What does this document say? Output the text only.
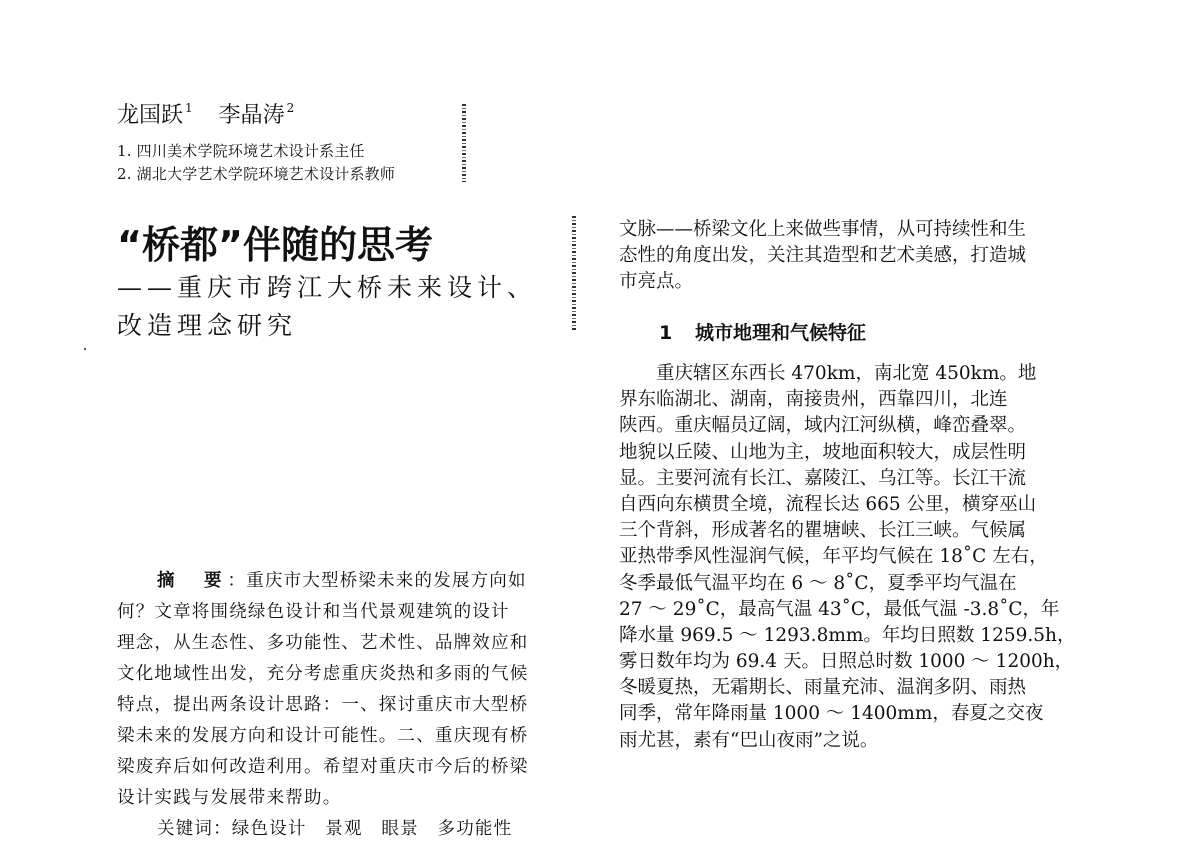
龙国跃 $^1$ 李晶涛 $^2$
1. 四川美术学院环境艺术设计系主任
2. 湖北大学艺术学院环境艺术设计系教师
“桥都”伴随的思考
——重庆市跨江大桥未来设计、
改造理念研究
摘　要：重庆市大型桥梁未来的发展方向如
何？文章将围绕绿色设计和当代景观建筑的设计
理念，从生态性、多功能性、艺术性、品牌效应和
文化地域性出发，充分考虑重庆炎热和多雨的气候
特点，提出两条设计思路：一、探讨重庆市大型桥
梁未来的发展方向和设计可能性。二、重庆现有桥
梁废弃后如何改造利用。希望对重庆市今后的桥梁
设计实践与发展带来帮助。
关键词：绿色设计　景观　眼景　多功能性
文脉——桥梁文化上来做些事情，从可持续性和生
态性的角度出发，关注其造型和艺术美感，打造城
市亮点。
1 城市地理和气候特征
　　重庆辖区东西长 470km，南北宽 450km。地
界东临湖北、湖南，南接贵州，西靠四川，北连
陕西。重庆幅员辽阔，域内江河纵横，峰峦叠翠。
地貌以丘陵、山地为主，坡地面积较大，成层性明
显。主要河流有长江、嘉陵江、乌江等。长江干流
自西向东横贯全境，流程长达 665 公里，横穿巫山
三个背斜，形成著名的瞿塘峡、长江三峡。气候属
亚热带季风性湿润气候，年平均气候在 18˚C 左右，
冬季最低气温平均在 6 ～ 8˚C，夏季平均气温在
27 ～ 29˚C，最高气温 43˚C，最低气温 -3.8˚C，年
降水量 969.5 ～ 1293.8mm。年均日照数 1259.5h，
雾日数年均为 69.4 天。日照总时数 1000 ～ 1200h，
冬暖夏热，无霜期长、雨量充沛、温润多阴、雨热
同季，常年降雨量 1000 ～ 1400mm，春夏之交夜
雨尤甚，素有“巴山夜雨”之说。
